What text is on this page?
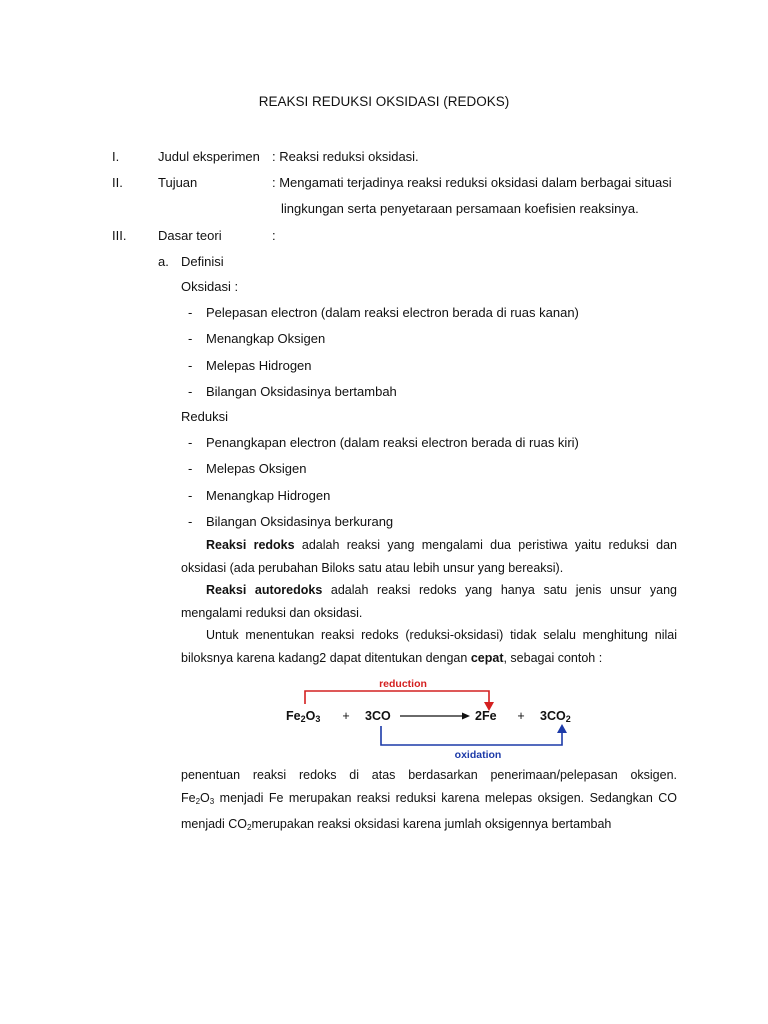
REAKSI REDUKSI OKSIDASI (REDOKS)
I.	Judul eksperimen : Reaksi reduksi oksidasi.
II.	Tujuan	: Mengamati terjadinya reaksi reduksi oksidasi dalam berbagai situasi
lingkungan serta penyetaraan persamaan koefisien reaksinya.
III. Dasar teori	:
a. Definisi
Oksidasi :
- Pelepasan electron (dalam reaksi electron berada di ruas kanan)
- Menangkap Oksigen
- Melepas Hidrogen
- Bilangan Oksidasinya bertambah
Reduksi
- Penangkapan electron (dalam reaksi electron berada di ruas kiri)
- Melepas Oksigen
- Menangkap Hidrogen
- Bilangan Oksidasinya berkurang
Reaksi redoks adalah reaksi yang mengalami dua peristiwa yaitu reduksi dan
oksidasi (ada perubahan Biloks satu atau lebih unsur yang bereaksi).
Reaksi autoredoks adalah reaksi redoks yang hanya satu jenis unsur yang
mengalami reduksi dan oksidasi.
Untuk menentukan reaksi redoks (reduksi-oksidasi) tidak selalu menghitung nilai
biloksnya karena kadang2 dapat ditentukan dengan cepat, sebagai contoh :
reduction
oxidation
Fe2O3 + 3CO	2Fe + 3CO2
penentuan reaksi redoks di atas berdasarkan penerimaan/pelepasan oksigen.
$Fe_2O_3$ menjadi Fe merupakan reaksi reduksi karena melepas oksigen. Sedangkan CO
menjadi $CO_2merupakan$ reaksi oksidasi karena jumlah oksigennya bertambah
